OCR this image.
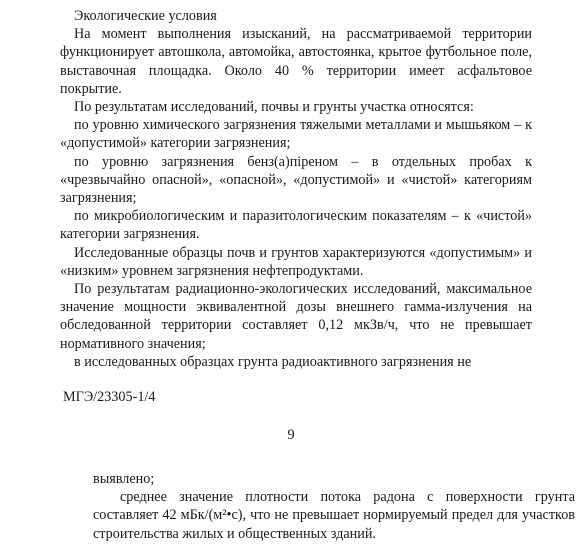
Экологические условия

На момент выполнения изысканий, на рассматриваемой территории функционирует автошкола, автомойка, автостоянка, крытое футбольное поле, выставочная площадка. Около 40 % территории имеет асфальтовое покрытие.

По результатам исследований, почвы и грунты участка относятся:

по уровню химического загрязнения тяжелыми металлами и мышьяком – к «допустимой» категории загрязнения;

по уровню загрязнения бенз(а)піреном – в отдельных пробах к «чрезвычайно опасной», «опасной», «допустимой» и «чистой» категориям загрязнения;

по микробиологическим и паразитологическим показателям – к «чистой» категории загрязнения.

Исследованные образцы почв и грунтов характеризуются «допустимым» и «низким» уровнем загрязнения нефтепродуктами.

По результатам радиационно-экологических исследований, максимальное значение мощности эквивалентной дозы внешнего гамма-излучения на обследованной территории составляет 0,12 мкЗв/ч, что не превышает нормативного значения;

в исследованных образцах грунта радиоактивного загрязнения не

МГЭ/23305-1/4
9

выявлено;

среднее значение плотности потока радона с поверхности грунта составляет 42 мБк/(м²•с), что не превышает нормируемый предел для участков строительства жилых и общественных зданий.
